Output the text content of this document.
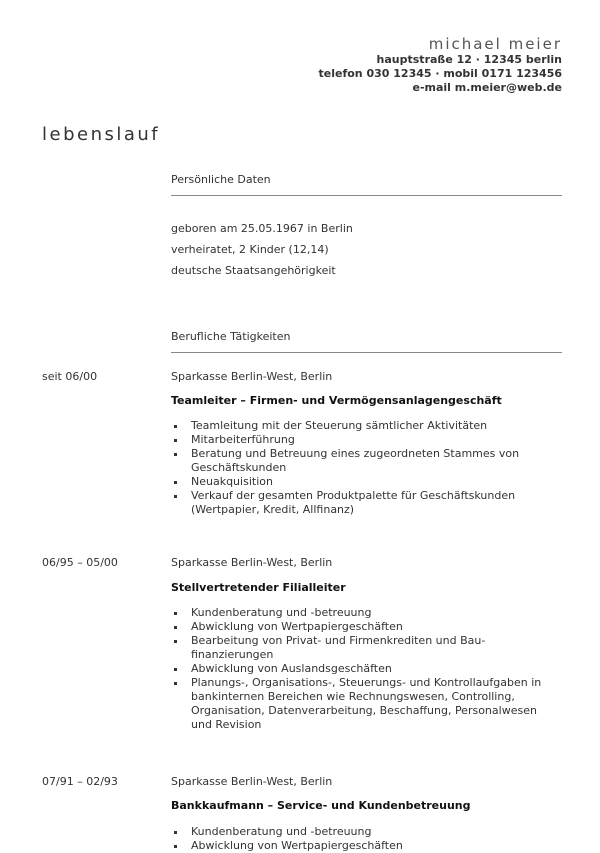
michael meier
hauptstraße 12 · 12345 berlin
telefon 030 12345 · mobil 0171 123456
e-mail m.meier@web.de
lebenslauf
Persönliche Daten
geboren am 25.05.1967 in Berlin
verheiratet, 2 Kinder (12,14)
deutsche Staatsangehörigkeit
Berufliche Tätigkeiten
seit 06/00	Sparkasse Berlin-West, Berlin
Teamleiter – Firmen- und Vermögensanlagengeschäft
Teamleitung mit der Steuerung sämtlicher Aktivitäten
Mitarbeiterführung
Beratung und Betreuung eines zugeordneten Stammes von Geschäftskunden
Neuakquisition
Verkauf der gesamten Produktpalette für Geschäftskunden (Wertpapier, Kredit, Allfinanz)
06/95 – 05/00	Sparkasse Berlin-West, Berlin
Stellvertretender Filialleiter
Kundenberatung und -betreuung
Abwicklung von Wertpapiergeschäften
Bearbeitung von Privat- und Firmenkrediten und Bau-finanzierungen
Abwicklung von Auslandsgeschäften
Planungs-, Organisations-, Steuerungs- und Kontrollaufgaben in bankinternen Bereichen wie Rechnungswesen, Controlling, Organisation, Datenverarbeitung, Beschaffung, Personalwesen und Revision
07/91 – 02/93	Sparkasse Berlin-West, Berlin
Bankkaufmann – Service- und Kundenbetreuung
Kundenberatung und -betreuung
Abwicklung von Wertpapiergeschäften
